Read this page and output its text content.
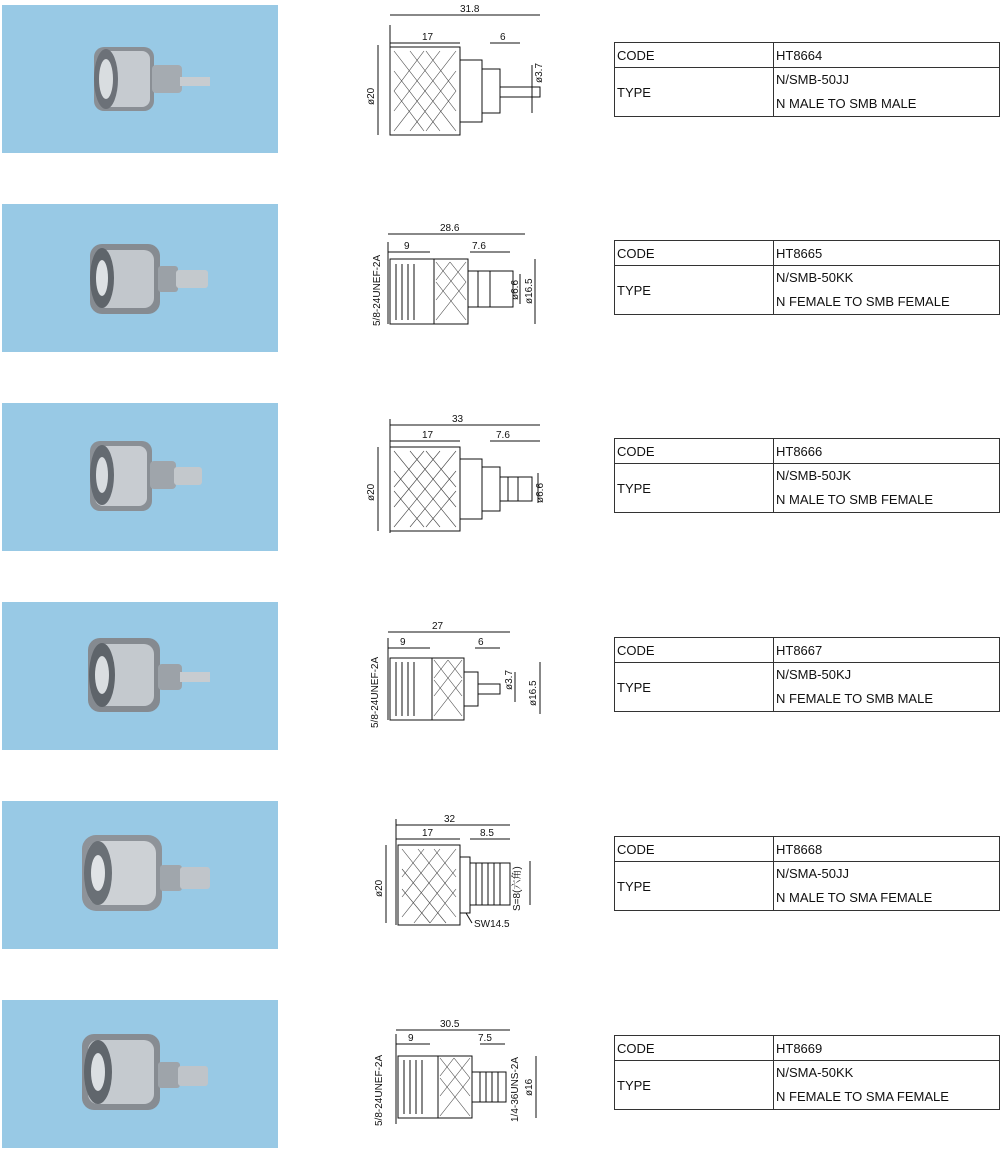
31.8
17	6
ø3.7
ø20
CODE	HT8664
TYPE	N/SMB-50JJ
N MALE TO SMB MALE
28.6
9	7.6
ø6.6 ø16.5
5/8-24UNEF-2A
CODE	HT8665
TYPE	N/SMB-50KK
N FEMALE TO SMB FEMALE
33
17	7.6
ø6.6
ø20
CODE	HT8666
TYPE	N/SMB-50JK
N MALE TO SMB FEMALE
27
9	6
ø3.7
ø16.5
5/8-24UNEF-2A
CODE	HT8667
TYPE	N/SMB-50KJ
N FEMALE TO SMB MALE
32
17	8.5
S=8(六角)
ø20
SW14.5
CODE	HT8668
TYPE	N/SMA-50JJ
N MALE TO SMA FEMALE
30.5
9	7.5
1/4-36UNS-2A ø16
5/8-24UNEF-2A
CODE	HT8669
TYPE	N/SMA-50KK
N FEMALE TO SMA FEMALE
